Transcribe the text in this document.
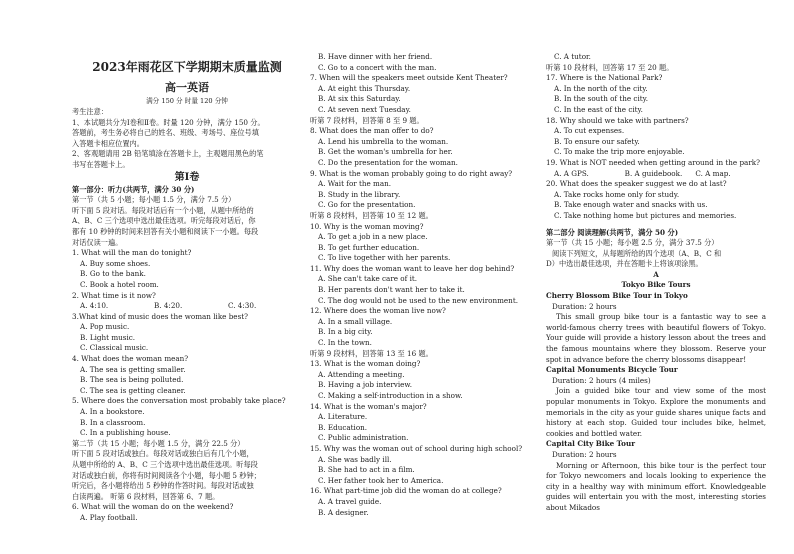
2023年雨花区下学期期末质量监测
高一英语
满分 150 分 时量 120 分钟
考生注意：
1、本试题共分为Ⅰ卷和Ⅱ卷。时量 120 分钟，满分 150 分。
答题前，考生务必将自己的姓名、班级、考场号、座位号填
入答题卡相应位置内。
2、客观题请用 2B 铅笔填涂在答题卡上，主观题用黑色的笔
书写在答题卡上。
第Ⅰ卷
第一部分：听力(共两节，满分 30 分)
第一节（共 5 小题；每小题 1.5 分，满分 7.5 分）
听下面 5 段对话。每段对话后有一个小题，从题中所给的
A、B、C 三个选项中选出最佳选项。听完每段对话后，你
都有 10 秒钟的时间来回答有关小题和阅读下一小题。每段
对话仅读一遍。
1. What will the man do tonight?
A. Buy some shoes.
B. Go to the bank.
C. Book a hotel room.
2. What time is it now?
A. 4:10.	B. 4:20.	C. 4:30.
3.What kind of music does the woman like best?
A. Pop music.
B. Light music.
C. Classical music.
4. What does the woman mean?
A. The sea is getting smaller.
B. The sea is being polluted.
C. The sea is getting cleaner.
5. Where does the conversation most probably take place?
A. In a bookstore.
B. In a classroom.
C. In a publishing house.
第二节（共 15 小题；每小题 1.5 分，满分 22.5 分）
听下面 5 段对话或独白。每段对话或独白后有几个小题，
从题中所给的 A、B、C 三个选项中选出最佳选项。听每段
对话或独白前，你将有时间阅读各个小题，每小题 5 秒钟；
听完后，各小题将给出 5 秒钟的作答时间。每段对话或独
白读两遍。 听第 6 段材料，回答第 6、7 题。
6. What will the woman do on the weekend?
A. Play football.
B. Have dinner with her friend.
C. Go to a concert with the man.
7. When will the speakers meet outside Kent Theater?
A. At eight this Thursday.
B. At six this Saturday.
C. At seven next Tuesday.
听第 7 段材料，回答第 8 至 9 题。
8. What does the man offer to do?
A. Lend his umbrella to the woman.
B. Get the woman's umbrella for her.
C. Do the presentation for the woman.
9. What is the woman probably going to do right away?
A. Wait for the man.
B. Study in the library.
C. Go for the presentation.
听第 8 段材料，回答第 10 至 12 题。
10. Why is the woman moving?
A. To get a job in a new place.
B. To get further education.
C. To live together with her parents.
11. Why does the woman want to leave her dog behind?
A. She can't take care of it.
B. Her parents don't want her to take it.
C. The dog would not be used to the new environment.
12. Where does the woman live now?
A. In a small village.
B. In a big city.
C. In the town.
听第 9 段材料，回答第 13 至 16 题。
13. What is the woman doing?
A. Attending a meeting.
B. Having a job interview.
C. Making a self-introduction in a show.
14. What is the woman's major?
A. Literature.
B. Education.
C. Public administration.
15. Why was the woman out of school during high school?
A. She was badly ill.
B. She had to act in a film.
C. Her father took her to America.
16. What part-time job did the woman do at college?
A. A travel guide.
B. A designer.
C. A tutor.
听第 10 段材料，回答第 17 至 20 题。
17. Where is the National Park?
A. In the north of the city.
B. In the south of the city.
C. In the east of the city.
18. Why should we take with partners?
A. To cut expenses.
B. To ensure our safety.
C. To make the trip more enjoyable.
19. What is NOT needed when getting around in the park?
A. A GPS.	B. A guidebook.	C. A map.
20. What does the speaker suggest we do at last?
A. Take rocks home only for study.
B. Take enough water and snacks with us.
C. Take nothing home but pictures and memories.
第二部分 阅读理解(共两节，满分 50 分)
第一节（共 15 小题；每小题 2.5 分，满分 37.5 分）
阅读下列短文，从每题所给的四个选项（A、B、C 和
D）中选出最佳选项，并在答题卡上将该项涂黑。
A
Tokyo Bike Tours
Cherry Blossom Bike Tour in Tokyo
Duration: 2 hours
This small group bike tour is a fantastic way to see a world-famous cherry trees with beautiful flowers of Tokyo. Your guide will provide a history lesson about the trees and the famous mountains where they blossom. Reserve your spot in advance before the cherry blossoms disappear!
Capital Monuments Bicycle Tour
Duration: 2 hours (4 miles)
Join a guided bike tour and view some of the most popular monuments in Tokyo. Explore the monuments and memorials in the city as your guide shares unique facts and history at each stop. Guided tour includes bike, helmet, cookies and bottled water.
Capital City Bike Tour
Duration: 2 hours
Morning or Afternoon, this bike tour is the perfect tour for Tokyo newcomers and locals looking to experience the city in a healthy way with minimum effort. Knowledgeable guides will entertain you with the most, interesting stories about Mikados
